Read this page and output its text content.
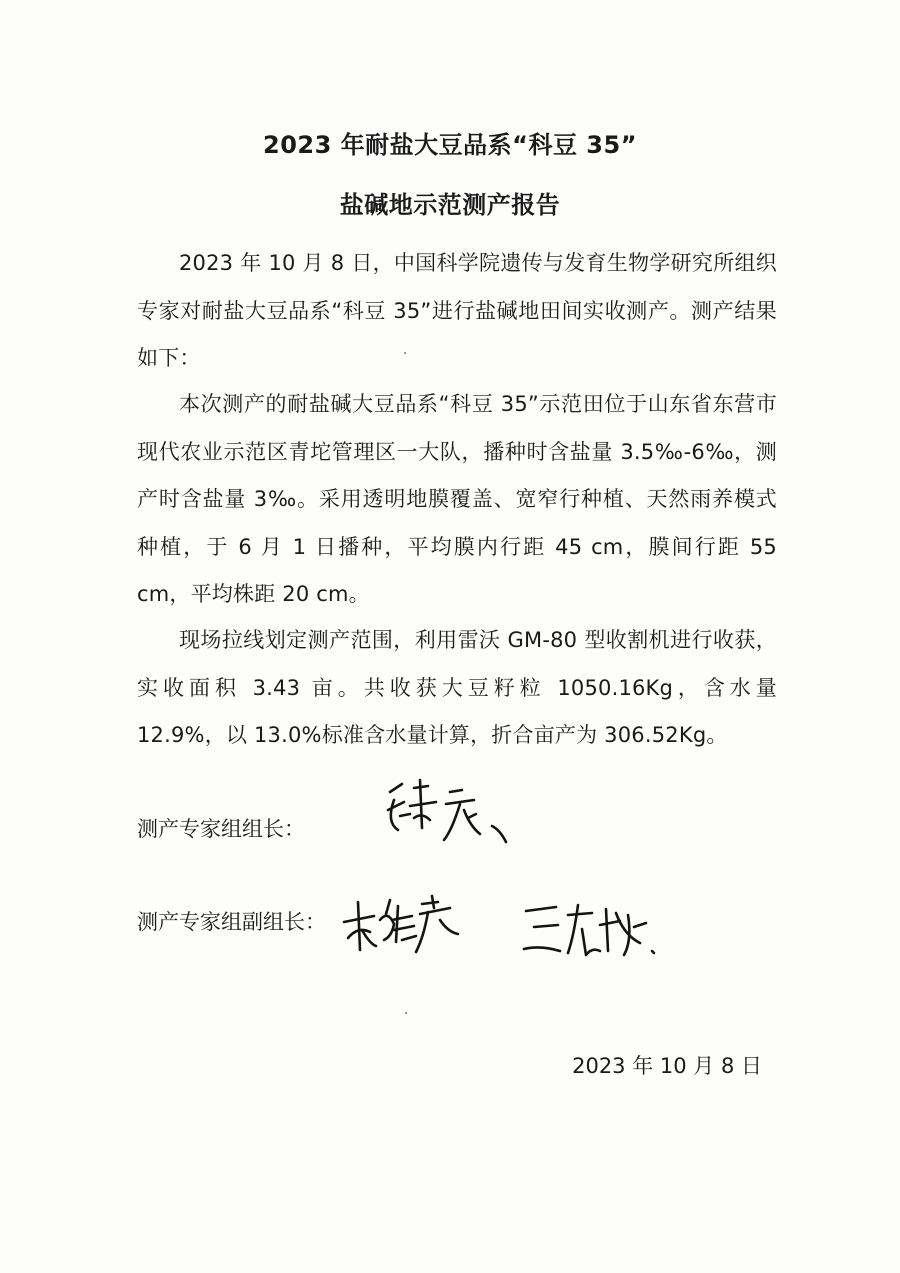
2023 年耐盐大豆品系“科豆 35”
盐碱地示范测产报告
2023 年 10 月 8 日，中国科学院遗传与发育生物学研究所组织专家对耐盐大豆品系“科豆 35”进行盐碱地田间实收测产。测产结果如下：
本次测产的耐盐碱大豆品系“科豆 35”示范田位于山东省东营市现代农业示范区青坨管理区一大队，播种时含盐量 3.5‰-6‰，测产时含盐量 3‰。采用透明地膜覆盖、宽窄行种植、天然雨养模式种植，于 6 月 1 日播种，平均膜内行距 45 cm，膜间行距 55 cm，平均株距 20 cm。
现场拉线划定测产范围，利用雷沃 GM-80 型收割机进行收获，实收面积 3.43 亩。共收获大豆籽粒 1050.16Kg，含水量 12.9%，以 13.0%标准含水量计算，折合亩产为 306.52Kg。
测产专家组组长：
测产专家组副组长：
2023 年 10 月 8 日
